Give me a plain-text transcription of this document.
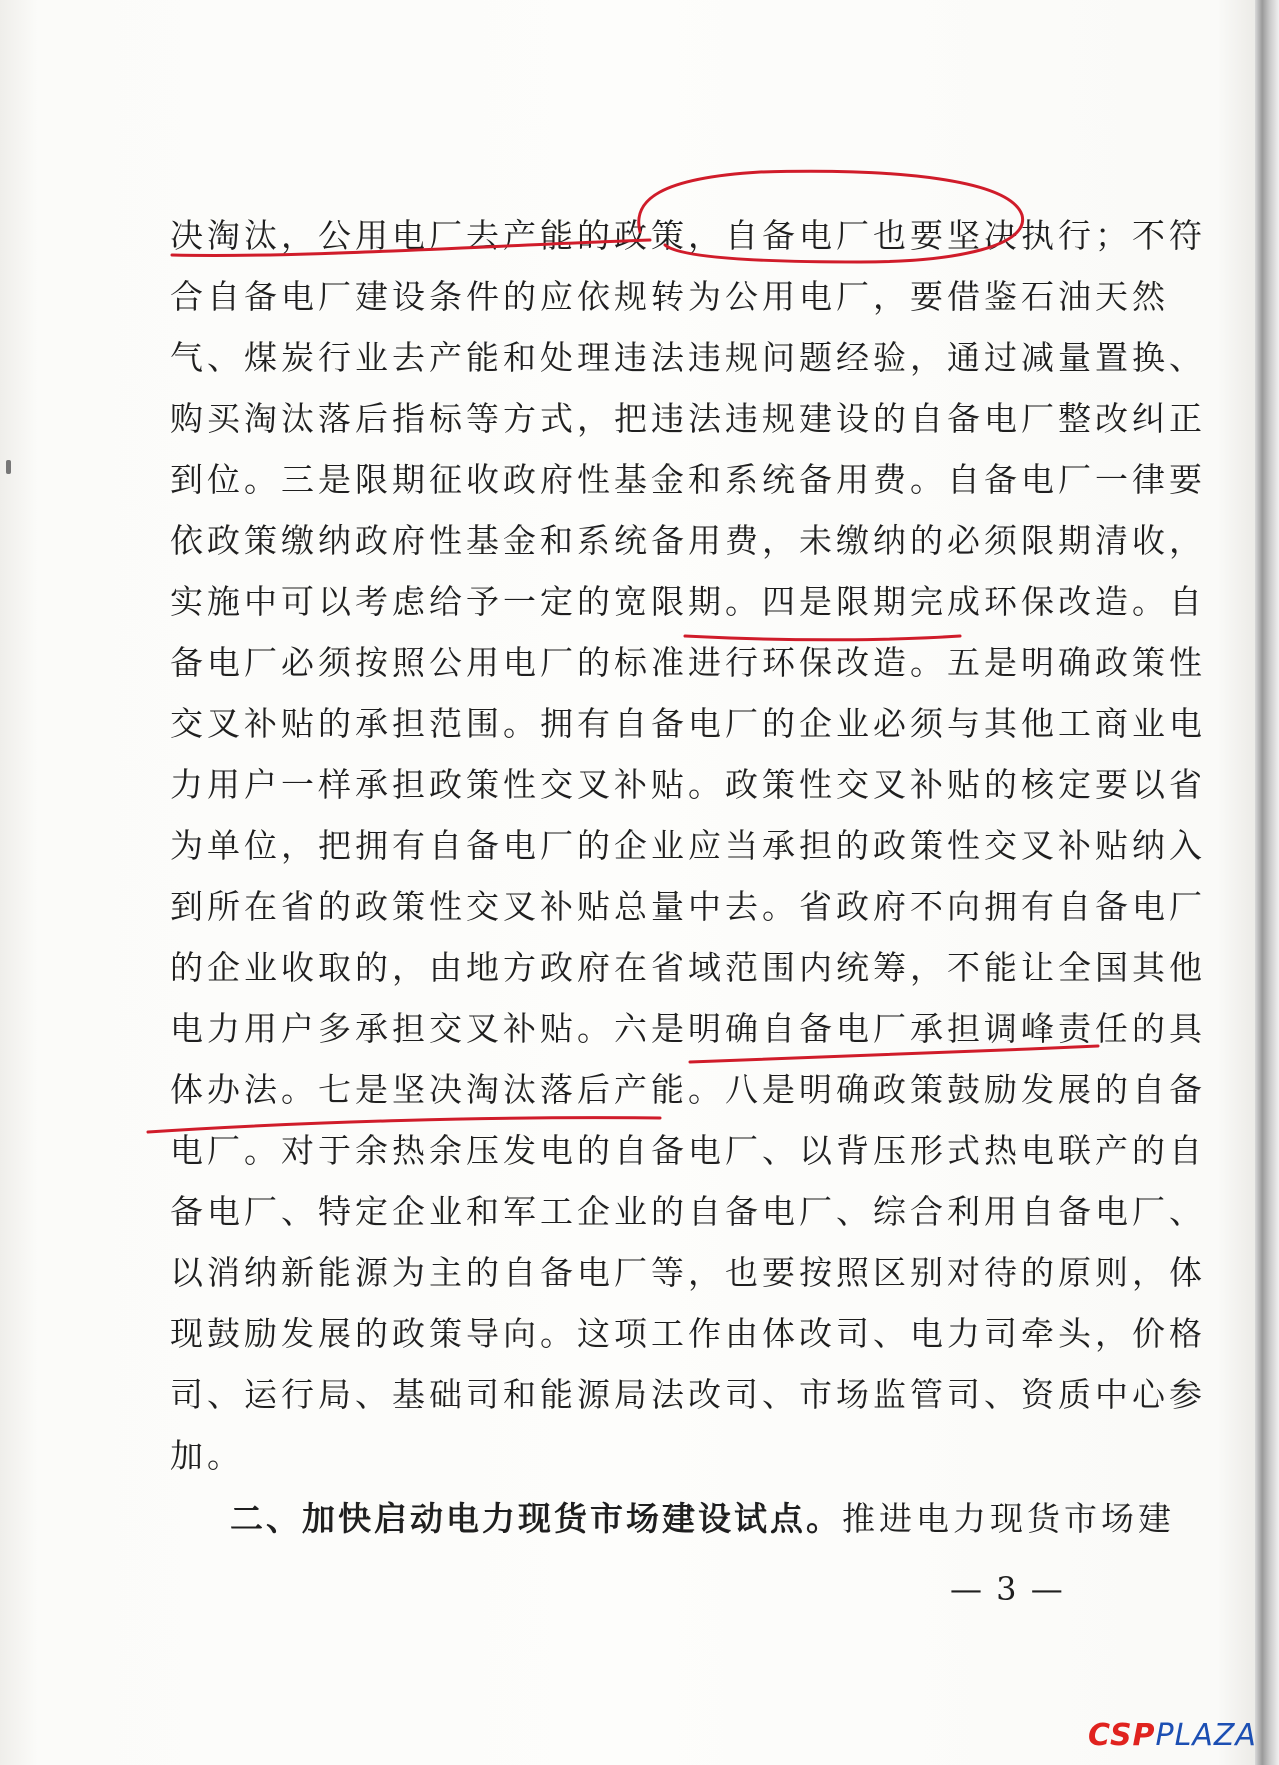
决淘汰，公用电厂去产能的政策，自备电厂也要坚决执行；不符
合自备电厂建设条件的应依规转为公用电厂，要借鉴石油天然
气、煤炭行业去产能和处理违法违规问题经验，通过减量置换、
购买淘汰落后指标等方式，把违法违规建设的自备电厂整改纠正
到位。三是限期征收政府性基金和系统备用费。自备电厂一律要
依政策缴纳政府性基金和系统备用费，未缴纳的必须限期清收，
实施中可以考虑给予一定的宽限期。四是限期完成环保改造。自
备电厂必须按照公用电厂的标准进行环保改造。五是明确政策性
交叉补贴的承担范围。拥有自备电厂的企业必须与其他工商业电
力用户一样承担政策性交叉补贴。政策性交叉补贴的核定要以省
为单位，把拥有自备电厂的企业应当承担的政策性交叉补贴纳入
到所在省的政策性交叉补贴总量中去。省政府不向拥有自备电厂
的企业收取的，由地方政府在省域范围内统筹，不能让全国其他
电力用户多承担交叉补贴。六是明确自备电厂承担调峰责任的具
体办法。七是坚决淘汰落后产能。八是明确政策鼓励发展的自备
电厂。对于余热余压发电的自备电厂、以背压形式热电联产的自
备电厂、特定企业和军工企业的自备电厂、综合利用自备电厂、
以消纳新能源为主的自备电厂等，也要按照区别对待的原则，体
现鼓励发展的政策导向。这项工作由体改司、电力司牵头，价格
司、运行局、基础司和能源局法改司、市场监管司、资质中心参
加。
二、加快启动电力现货市场建设试点。推进电力现货市场建
— 3 —
CSPPLAZA
